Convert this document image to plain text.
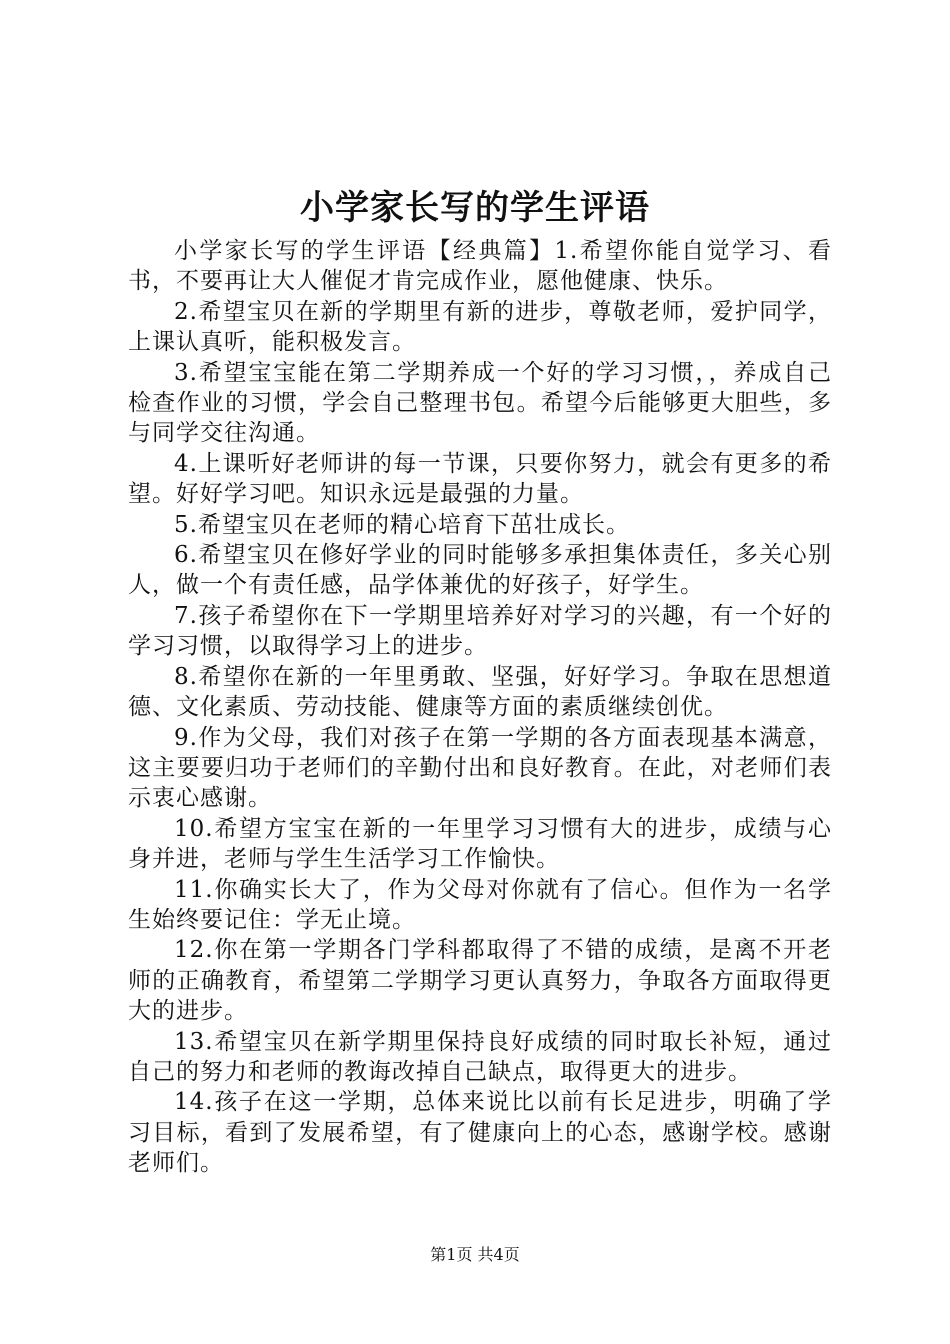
小学家长写的学生评语

小学家长写的学生评语【经典篇】1.希望你能自觉学习、看书，不要再让大人催促才肯完成作业，愿他健康、快乐。

2.希望宝贝在新的学期里有新的进步，尊敬老师，爱护同学，上课认真听，能积极发言。

3.希望宝宝能在第二学期养成一个好的学习习惯，，养成自己检查作业的习惯，学会自己整理书包。希望今后能够更大胆些，多与同学交往沟通。

4.上课听好老师讲的每一节课，只要你努力，就会有更多的希望。好好学习吧。知识永远是最强的力量。

5.希望宝贝在老师的精心培育下茁壮成长。

6.希望宝贝在修好学业的同时能够多承担集体责任，多关心别人，做一个有责任感，品学体兼优的好孩子，好学生。

7.孩子希望你在下一学期里培养好对学习的兴趣，有一个好的学习习惯，以取得学习上的进步。

8.希望你在新的一年里勇敢、坚强，好好学习。争取在思想道德、文化素质、劳动技能、健康等方面的素质继续创优。

9.作为父母，我们对孩子在第一学期的各方面表现基本满意，这主要要归功于老师们的辛勤付出和良好教育。在此，对老师们表示衷心感谢。

10.希望方宝宝在新的一年里学习习惯有大的进步，成绩与心身并进，老师与学生生活学习工作愉快。

11.你确实长大了，作为父母对你就有了信心。但作为一名学生始终要记住：学无止境。

12.你在第一学期各门学科都取得了不错的成绩，是离不开老师的正确教育，希望第二学期学习更认真努力，争取各方面取得更大的进步。

13.希望宝贝在新学期里保持良好成绩的同时取长补短，通过自己的努力和老师的教诲改掉自己缺点，取得更大的进步。

14.孩子在这一学期，总体来说比以前有长足进步，明确了学习目标，看到了发展希望，有了健康向上的心态，感谢学校。感谢老师们。

第1页 共4页
